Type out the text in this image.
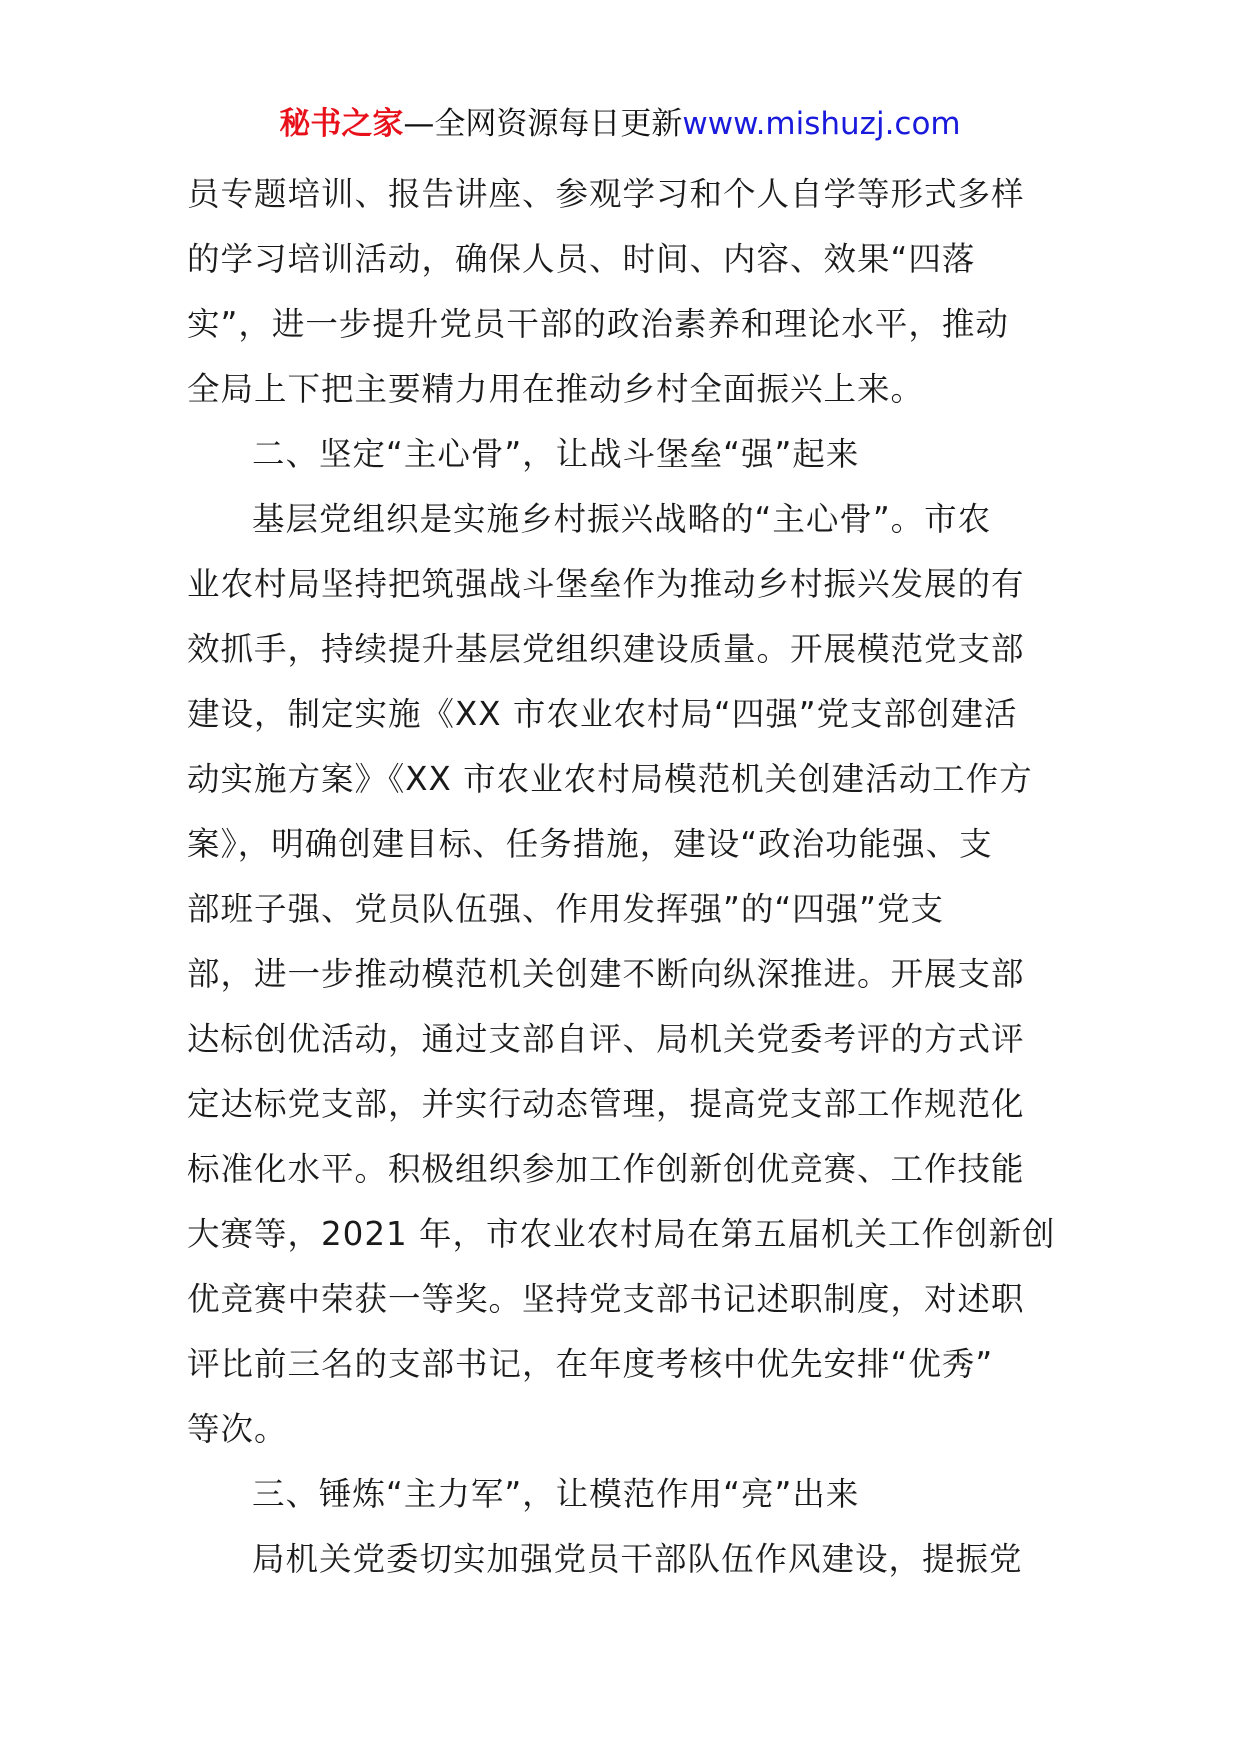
秘书之家—全网资源每日更新www.mishuzj.com
员专题培训、报告讲座、参观学习和个人自学等形式多样
的学习培训活动，确保人员、时间、内容、效果“四落
实”，进一步提升党员干部的政治素养和理论水平，推动
全局上下把主要精力用在推动乡村全面振兴上来。
二、坚定“主心骨”，让战斗堡垒“强”起来
基层党组织是实施乡村振兴战略的“主心骨”。市农
业农村局坚持把筑强战斗堡垒作为推动乡村振兴发展的有
效抓手，持续提升基层党组织建设质量。开展模范党支部
建设，制定实施《XX 市农业农村局“四强”党支部创建活
动实施方案》《XX 市农业农村局模范机关创建活动工作方
案》，明确创建目标、任务措施，建设“政治功能强、支
部班子强、党员队伍强、作用发挥强”的“四强”党支
部，进一步推动模范机关创建不断向纵深推进。开展支部
达标创优活动，通过支部自评、局机关党委考评的方式评
定达标党支部，并实行动态管理，提高党支部工作规范化
标准化水平。积极组织参加工作创新创优竞赛、工作技能
大赛等，2021 年，市农业农村局在第五届机关工作创新创
优竞赛中荣获一等奖。坚持党支部书记述职制度，对述职
评比前三名的支部书记，在年度考核中优先安排“优秀”
等次。
三、锤炼“主力军”，让模范作用“亮”出来
局机关党委切实加强党员干部队伍作风建设，提振党
